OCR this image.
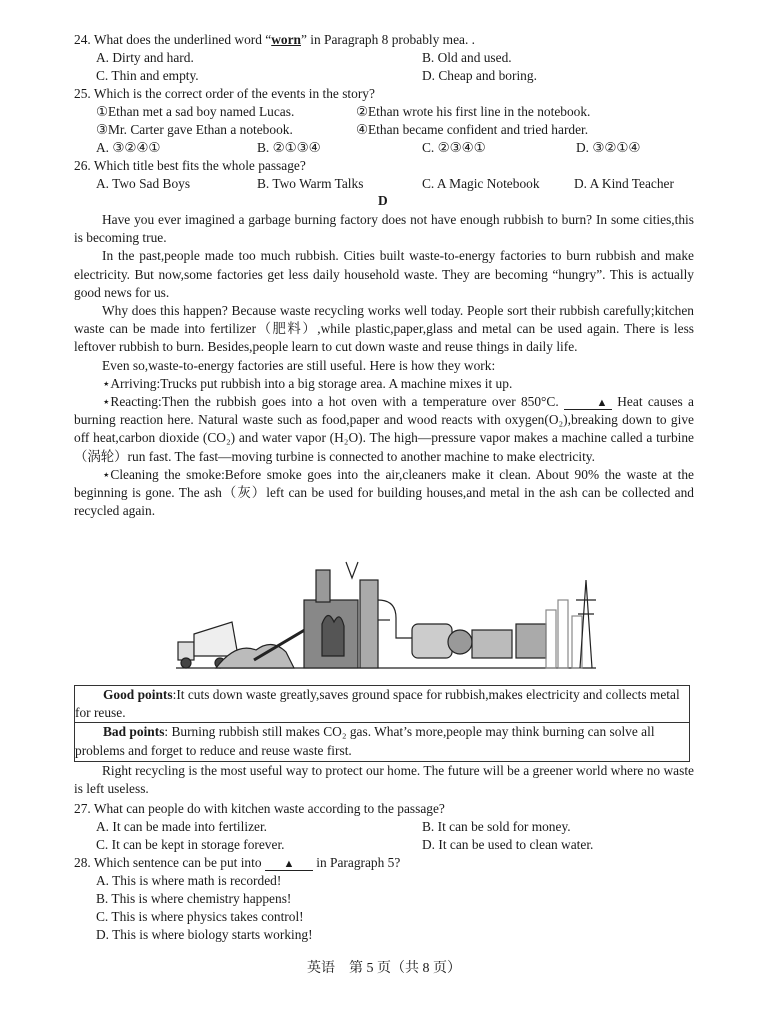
24. What does the underlined word “worn” in Paragraph 8 probably mea. .
A. Dirty and hard.	B. Old and used.
C. Thin and empty.	D. Cheap and boring.
25. Which is the correct order of the events in the story?
①Ethan met a sad boy named Lucas.	②Ethan wrote his first line in the notebook.
③Mr. Carter gave Ethan a notebook.	④Ethan became confident and tried harder.
A. ③②④①	B. ②①③④	C. ②③④①	D. ③②①④
26. Which title best fits the whole passage?
A. Two Sad Boys	B. Two Warm Talks	C. A Magic Notebook	D. A Kind Teacher
D

Have you ever imagined a garbage burning factory does not have enough rubbish to burn? In some cities,this is becoming true.

In the past,people made too much rubbish. Cities built waste-to-energy factories to burn rubbish and make electricity. But now,some factories get less daily household waste. They are becoming “hungry”. This is actually good news for us.

Why does this happen? Because waste recycling works well today. People sort their rubbish carefully;kitchen waste can be made into fertilizer（肥料）,while plastic,paper,glass and metal can be used again. There is less leftover rubbish to burn. Besides,people learn to cut down waste and reuse things in daily life.

Even so,waste-to-energy factories are still useful. Here is how they work:

⋆Arriving:Trucks put rubbish into a big storage area. A machine mixes it up.

⋆Reacting:Then the rubbish goes into a hot oven with a temperature over 850°C.	▲ Heat causes a burning reaction here. Natural waste such as food,paper and wood reacts with oxygen(O₂),breaking down to give off heat,carbon dioxide (CO₂) and water vapor (H₂O). The high—pressure vapor makes a machine called a turbine（涡轮）run fast. The fast—moving turbine is connected to another machine to make electricity.

⋆Cleaning the smoke:Before smoke goes into the air,cleaners make it clean. About 90% the waste at the beginning is gone. The ash（灰）left can be used for building houses,and metal in the ash can be collected and recycled again.

Good points:It cuts down waste greatly,saves ground space for rubbish,makes electricity and collects metal for reuse.
Bad points: Burning rubbish still makes CO₂ gas. What’s more,people may think burning can solve all problems and forget to reduce and reuse waste first.

Right recycling is the most useful way to protect our home. The future will be a greener world where no waste is left useless.

27. What can people do with kitchen waste according to the passage?
A. It can be made into fertilizer.	B. It can be sold for money.
C. It can be kept in storage forever.	D. It can be used to clean water.
28. Which sentence can be put into ▲ in Paragraph 5?
A. This is where math is recorded!
B. This is where chemistry happens!
C. This is where physics takes control!
D. This is where biology starts working!
英语　第 5 页（共 8 页）
